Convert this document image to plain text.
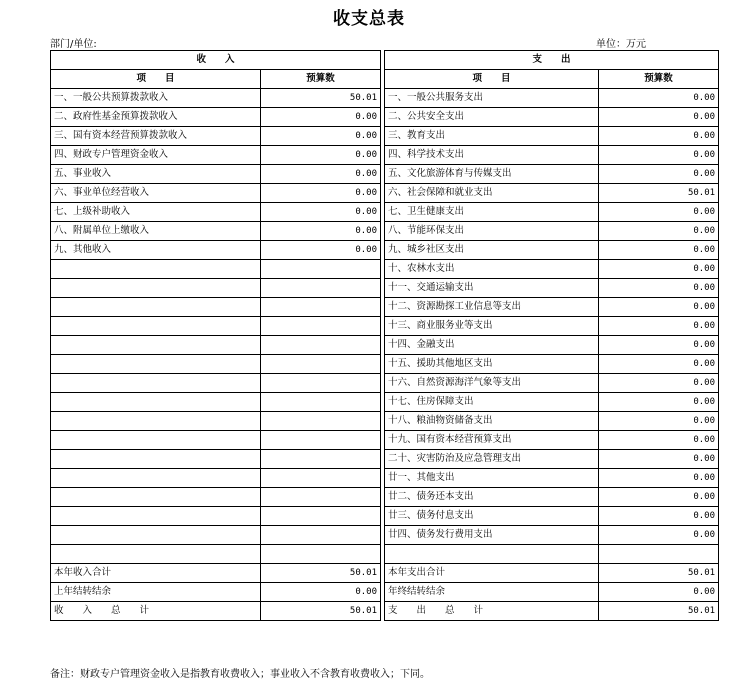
收支总表
部门/单位:	单位：万元
收　　入			支　　出	
项　　目	预算数		项　　目	预算数
一、一般公共预算拨款收入	50.01		一、一般公共服务支出	0.00
二、政府性基金预算拨款收入	0.00		二、公共安全支出	0.00
三、国有资本经营预算拨款收入	0.00		三、教育支出	0.00
四、财政专户管理资金收入	0.00		四、科学技术支出	0.00
五、事业收入	0.00		五、文化旅游体育与传媒支出	0.00
六、事业单位经营收入	0.00		六、社会保障和就业支出	50.01
七、上级补助收入	0.00		七、卫生健康支出	0.00
八、附属单位上缴收入	0.00		八、节能环保支出	0.00
九、其他收入	0.00		九、城乡社区支出	0.00
			十、农林水支出	0.00
			十一、交通运输支出	0.00
			十二、资源勘探工业信息等支出	0.00
			十三、商业服务业等支出	0.00
			十四、金融支出	0.00
			十五、援助其他地区支出	0.00
			十六、自然资源海洋气象等支出	0.00
			十七、住房保障支出	0.00
			十八、粮油物资储备支出	0.00
			十九、国有资本经营预算支出	0.00
			二十、灾害防治及应急管理支出	0.00
			廿一、其他支出	0.00
			廿二、债务还本支出	0.00
			廿三、债务付息支出	0.00
			廿四、债务发行费用支出	0.00

本年收入合计	50.01		本年支出合计	50.01
上年结转结余	0.00		年终结转结余	0.00
收　　入　　总　　计	50.01		支　　出　　总　　计	50.01
备注：财政专户管理资金收入是指教育收费收入；事业收入不含教育收费收入；下同。
